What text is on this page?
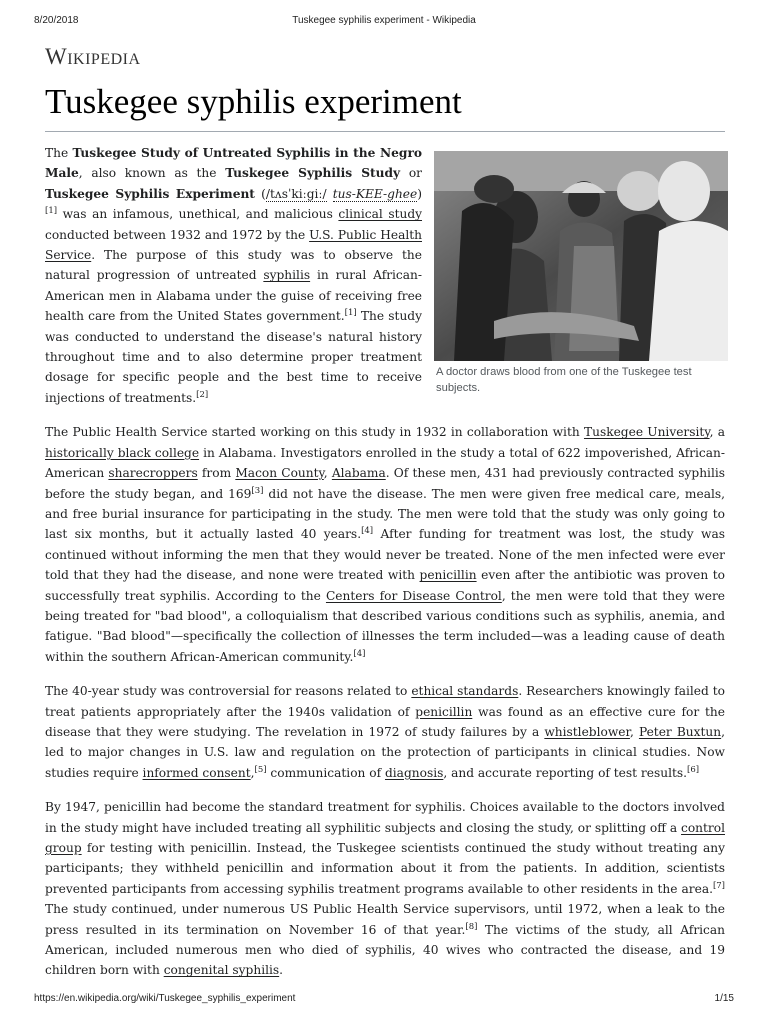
8/20/2018	Tuskegee syphilis experiment - Wikipedia
Wikipedia
Tuskegee syphilis experiment
A doctor draws blood from one of the Tuskegee test subjects.

The Tuskegee Study of Untreated Syphilis in the Negro Male, also known as the Tuskegee Syphilis Study or Tuskegee Syphilis Experiment (/tʌsˈkiːgiː/ tus-KEE-ghee)[1] was an infamous, unethical, and malicious clinical study conducted between 1932 and 1972 by the U.S. Public Health Service. The purpose of this study was to observe the natural progression of untreated syphilis in rural African-American men in Alabama under the guise of receiving free health care from the United States government.[1] The study was conducted to understand the disease's natural history throughout time and to also determine proper treatment dosage for specific people and the best time to receive injections of treatments.[2]

The Public Health Service started working on this study in 1932 in collaboration with Tuskegee University, a historically black college in Alabama. Investigators enrolled in the study a total of 622 impoverished, African-American sharecroppers from Macon County, Alabama. Of these men, 431 had previously contracted syphilis before the study began, and 169[3] did not have the disease. The men were given free medical care, meals, and free burial insurance for participating in the study. The men were told that the study was only going to last six months, but it actually lasted 40 years.[4] After funding for treatment was lost, the study was continued without informing the men that they would never be treated. None of the men infected were ever told that they had the disease, and none were treated with penicillin even after the antibiotic was proven to successfully treat syphilis. According to the Centers for Disease Control, the men were told that they were being treated for "bad blood", a colloquialism that described various conditions such as syphilis, anemia, and fatigue. "Bad blood"—specifically the collection of illnesses the term included—was a leading cause of death within the southern African-American community.[4]

The 40-year study was controversial for reasons related to ethical standards. Researchers knowingly failed to treat patients appropriately after the 1940s validation of penicillin was found as an effective cure for the disease that they were studying. The revelation in 1972 of study failures by a whistleblower, Peter Buxtun, led to major changes in U.S. law and regulation on the protection of participants in clinical studies. Now studies require informed consent,[5] communication of diagnosis, and accurate reporting of test results.[6]

By 1947, penicillin had become the standard treatment for syphilis. Choices available to the doctors involved in the study might have included treating all syphilitic subjects and closing the study, or splitting off a control group for testing with penicillin. Instead, the Tuskegee scientists continued the study without treating any participants; they withheld penicillin and information about it from the patients. In addition, scientists prevented participants from accessing syphilis treatment programs available to other residents in the area.[7] The study continued, under numerous US Public Health Service supervisors, until 1972, when a leak to the press resulted in its termination on November 16 of that year.[8] The victims of the study, all African American, included numerous men who died of syphilis, 40 wives who contracted the disease, and 19 children born with congenital syphilis.

https://en.wikipedia.org/wiki/Tuskegee_syphilis_experiment	1/15
